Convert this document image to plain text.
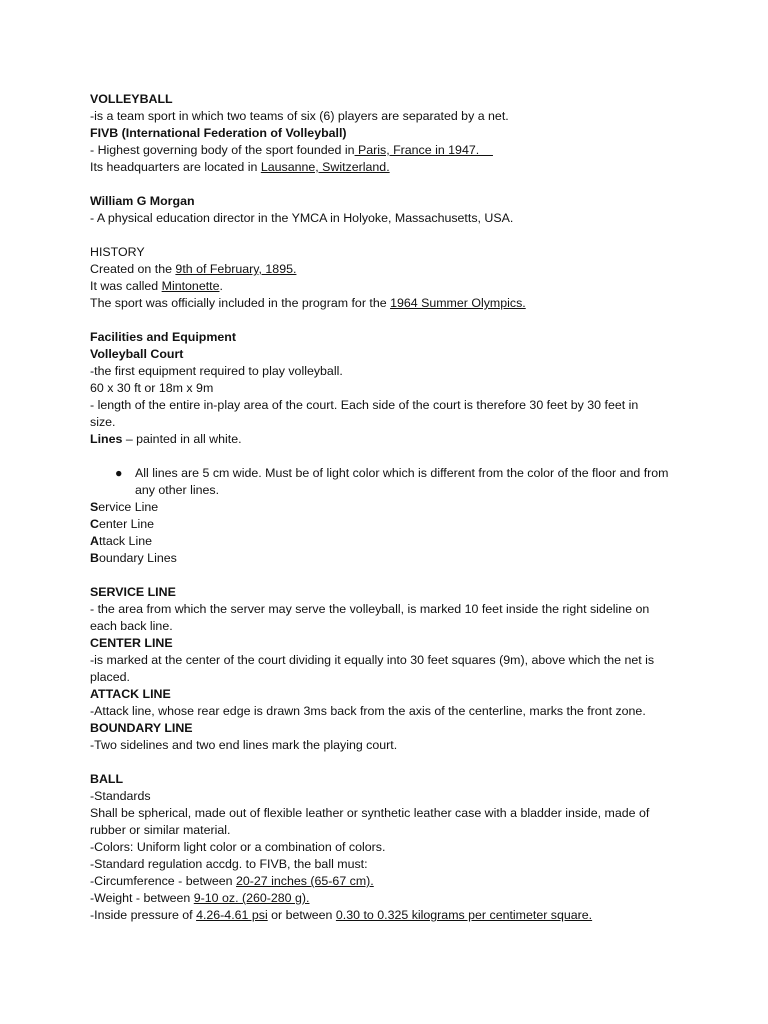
VOLLEYBALL
-is a team sport in which two teams of six (6) players are separated by a net.
FIVB (International Federation of Volleyball)
- Highest governing body of the sport founded in Paris, France in 1947.
Its headquarters are located in Lausanne, Switzerland.
William G Morgan
- A physical education director in the YMCA in Holyoke, Massachusetts, USA.
HISTORY
Created on the 9th of February, 1895.
It was called Mintonette.
The sport was officially included in the program for the 1964 Summer Olympics.
Facilities and Equipment
Volleyball Court
-the first equipment required to play volleyball.
60 x 30 ft or 18m x 9m
- length of the entire in-play area of the court. Each side of the court is therefore 30 feet by 30 feet in
size.
Lines – painted in all white.
● All lines are 5 cm wide. Must be of light color which is different from the color of the floor and from
any other lines.
Service Line
Center Line
Attack Line
Boundary Lines
SERVICE LINE
- the area from which the server may serve the volleyball, is marked 10 feet inside the right sideline on
each back line.
CENTER LINE
-is marked at the center of the court dividing it equally into 30 feet squares (9m), above which the net is
placed.
ATTACK LINE
-Attack line, whose rear edge is drawn 3ms back from the axis of the centerline, marks the front zone.
BOUNDARY LINE
-Two sidelines and two end lines mark the playing court.
BALL
-Standards
Shall be spherical, made out of flexible leather or synthetic leather case with a bladder inside, made of
rubber or similar material.
-Colors: Uniform light color or a combination of colors.
-Standard regulation accdg. to FIVB, the ball must:
-Circumference - between 20-27 inches (65-67 cm).
-Weight - between 9-10 oz. (260-280 g).
-Inside pressure of 4.26-4.61 psi or between 0.30 to 0.325 kilograms per centimeter square.
